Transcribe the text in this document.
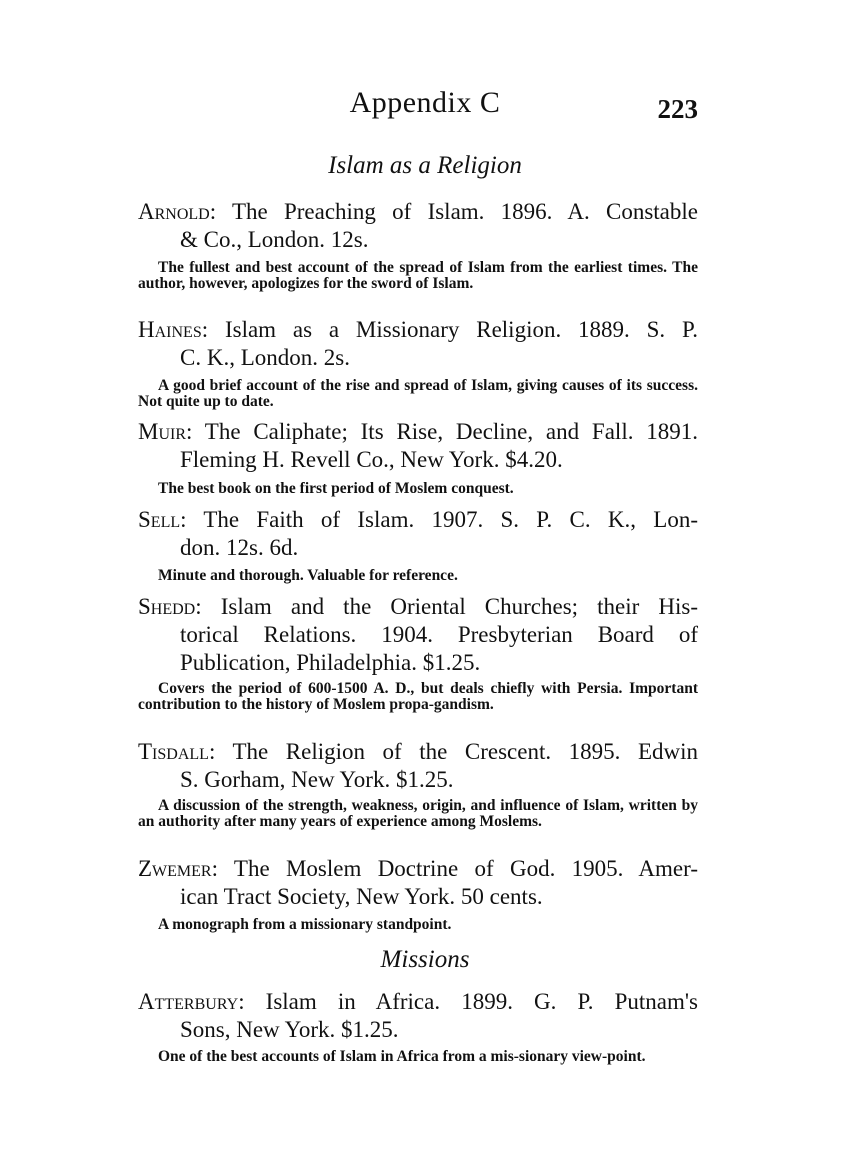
Appendix C	223
Islam as a Religion
Arnold: The Preaching of Islam. 1896. A. Constable
& Co., London. 12s.
The fullest and best account of the spread of Islam from the earliest times. The author, however, apologizes for the sword of Islam.
Haines: Islam as a Missionary Religion. 1889. S. P.
C. K., London. 2s.
A good brief account of the rise and spread of Islam, giving causes of its success. Not quite up to date.
Muir: The Caliphate; Its Rise, Decline, and Fall. 1891.
Fleming H. Revell Co., New York. $4.20.
The best book on the first period of Moslem conquest.
Sell: The Faith of Islam. 1907. S. P. C. K., Lon-
don. 12s. 6d.
Minute and thorough. Valuable for reference.
Shedd: Islam and the Oriental Churches; their His-
torical Relations. 1904. Presbyterian Board of
Publication, Philadelphia. $1.25.
Covers the period of 600-1500 A. D., but deals chiefly with Persia. Important contribution to the history of Moslem propa-gandism.
Tisdall: The Religion of the Crescent. 1895. Edwin
S. Gorham, New York. $1.25.
A discussion of the strength, weakness, origin, and influence of Islam, written by an authority after many years of experience among Moslems.
Zwemer: The Moslem Doctrine of God. 1905. Amer-
ican Tract Society, New York. 50 cents.
A monograph from a missionary standpoint.
Missions
Atterbury: Islam in Africa. 1899. G. P. Putnam's
Sons, New York. $1.25.
One of the best accounts of Islam in Africa from a mis-sionary view-point.
